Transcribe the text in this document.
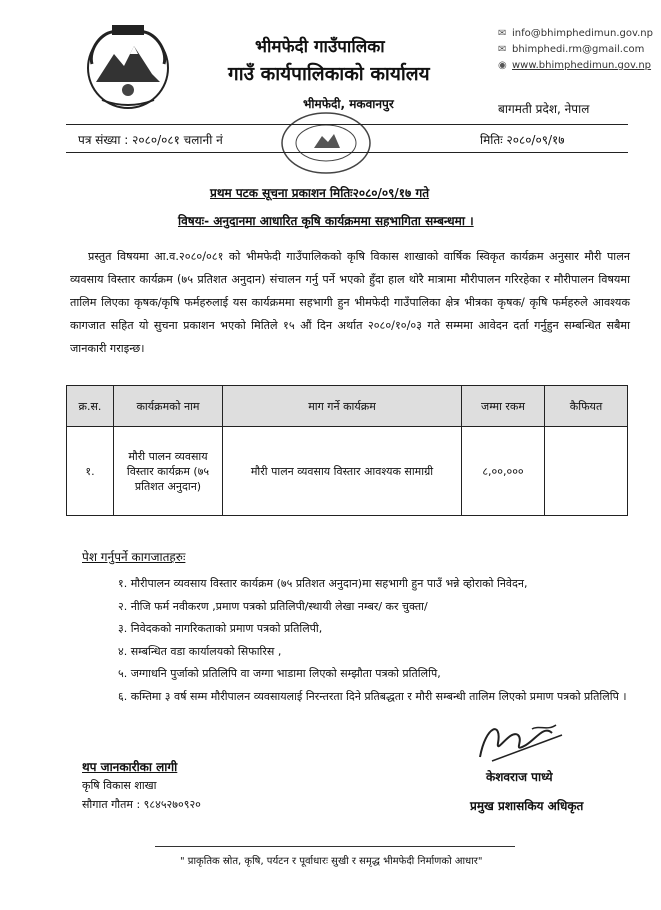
भीमफेदी गाउँपालिका
गाउँ कार्यपालिकाको कार्यालय
भीमफेदी, मकवानपुर
✉ info@bhimphedimun.gov.np
✉ bhimphedi.rm@gmail.com
◉ www.bhimphedimun.gov.np
बागमती प्रदेश, नेपाल
पत्र संख्या : २०८०/०८१ चलानी नं	मितिः २०८०/०९/१७
प्रथम पटक सूचना प्रकाशन मितिः२०८०/०९/१७ गते
विषयः- अनुदानमा आधारित कृषि कार्यक्रममा सहभागिता सम्बन्धमा ।
प्रस्तुत विषयमा आ.व.२०८०/०८१ को भीमफेदी गाउँपालिकको कृषि विकास शाखाको वार्षिक स्विकृत कार्यक्रम अनुसार मौरी पालन व्यवसाय विस्तार कार्यक्रम (७५ प्रतिशत अनुदान) संचालन गर्नु पर्ने भएको हुँदा हाल थोरै मात्रामा मौरीपालन गरिरहेका र मौरीपालन विषयमा तालिम लिएका कृषक/कृषि फर्महरुलाई यस कार्यक्रममा सहभागी हुन भीमफेदी गाउँपालिका क्षेत्र भीत्रका कृषक/ कृषि फर्महरुले आवश्यक कागजात सहित यो सुचना प्रकाशन भएको मितिले १५ औं दिन अर्थात २०८०/१०/०३ गते सम्ममा आवेदन दर्ता गर्नुहुन सम्बन्धित सबैमा जानकारी गराइन्छ।
क्र.स.	कार्यक्रमको नाम	माग गर्ने कार्यक्रम	जम्मा रकम	कैफियत
१.	मौरी पालन व्यवसाय विस्तार कार्यक्रम (७५ प्रतिशत अनुदान)	मौरी पालन व्यवसाय विस्तार आवश्यक सामाग्री	८,००,०००	
पेश गर्नुपर्ने कागजातहरुः
१. मौरीपालन व्यवसाय विस्तार कार्यक्रम (७५ प्रतिशत अनुदान)मा सहभागी हुन पाउँ भन्ने व्होराको निवेदन,
२. नीजि फर्म नवीकरण ,प्रमाण पत्रको प्रतिलिपी/स्थायी लेखा नम्बर/ कर चुक्ता/
३. निवेदकको नागरिकताको प्रमाण पत्रको प्रतिलिपी,
४. सम्बन्धित वडा कार्यालयको सिफारिस ,
५. जग्गाधनि पुर्जाको प्रतिलिपि वा जग्गा भाडामा लिएको सम्झौता पत्रको प्रतिलिपि,
६. कम्तिमा ३ वर्ष सम्म मौरीपालन व्यवसायलाई निरन्तरता दिने प्रतिबद्धता र मौरी सम्बन्धी तालिम लिएको प्रमाण पत्रको प्रतिलिपि ।
केशवराज पाध्ये
प्रमुख प्रशासकिय अधिकृत
थप जानकारीका लागी
कृषि विकास शाखा
सौगात गौतम : ९८४५२७०९२०
" प्राकृतिक स्रोत, कृषि, पर्यटन र पूर्वाधारः सुखी र समृद्ध भीमफेदी निर्माणको आधार"
